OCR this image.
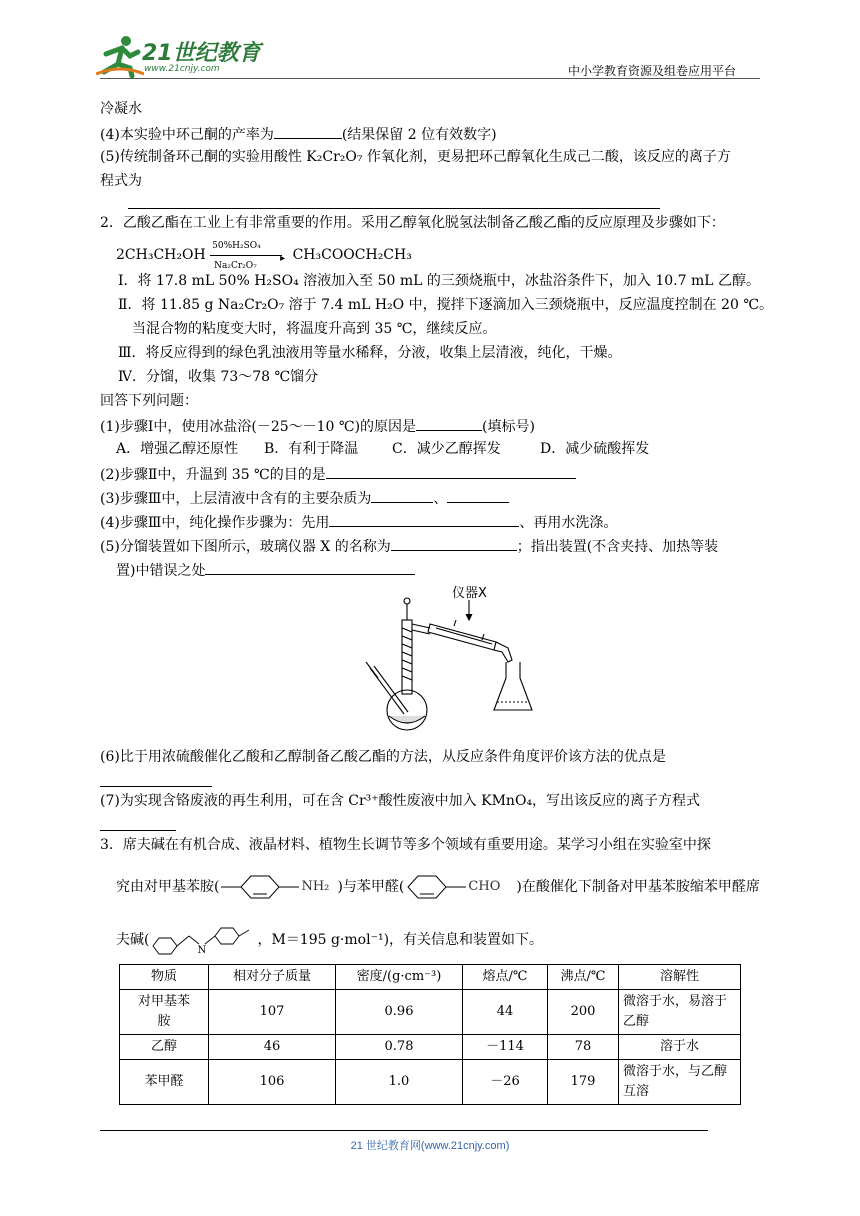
21世纪教育
www.21cnjy.com	中小学教育资源及组卷应用平台
冷凝水
(4)本实验中环己酮的产率为	(结果保留 2 位有效数字)
(5)传统制备环己酮的实验用酸性 K₂Cr₂O₇ 作氧化剂，更易把环己醇氧化生成己二酸，该反应的离子方
程式为
2．乙酸乙酯在工业上有非常重要的作用。采用乙醇氧化脱氢法制备乙酸乙酯的反应原理及步骤如下：
2CH₃CH₂OH
50%H₂SO₄
▸
Na₂Cr₂O₇
CH₃COOCH₂CH₃
Ⅰ．将 17.8 mL 50% H₂SO₄ 溶液加入至 50 mL 的三颈烧瓶中，冰盐浴条件下，加入 10.7 mL 乙醇。
Ⅱ．将 11.85 g Na₂Cr₂O₇ 溶于 7.4 mL H₂O 中，搅拌下逐滴加入三颈烧瓶中，反应温度控制在 20 ℃。
当混合物的粘度变大时，将温度升高到 35 ℃，继续反应。
Ⅲ．将反应得到的绿色乳浊液用等量水稀释，分液，收集上层清液，纯化，干燥。
Ⅳ．分馏，收集 73～78 ℃馏分
回答下列问题：
(1)步骤Ⅰ中，使用冰盐浴(－25～－10 ℃)的原因是	(填标号)
A．增强乙醇还原性 B．有利于降温 C．减少乙醇挥发	D．减少硫酸挥发
(2)步骤Ⅱ中，升温到 35 ℃的目的是
(3)步骤Ⅲ中，上层清液中含有的主要杂质为	、
(4)步骤Ⅲ中，纯化操作步骤为：先用	、再用水洗涤。
(5)分馏装置如下图所示，玻璃仪器 X 的名称为	；指出装置(不含夹持、加热等装
置)中错误之处
仪器X
(6)比于用浓硫酸催化乙酸和乙醇制备乙酸乙酯的方法，从反应条件角度评价该方法的优点是
(7)为实现含铬废液的再生利用，可在含 Cr³⁺酸性废液中加入 KMnO₄，写出该反应的离子方程式
3．席夫碱在有机合成、液晶材料、植物生长调节等多个领域有重要用途。某学习小组在实验室中探
究由对甲基苯胺(	NH₂ )与苯甲醛(	CHO )在酸催化下制备对甲基苯胺缩苯甲醛席
夫碱(
N
，M＝195 g·mol⁻¹)，有关信息和装置如下。
物质	相对分子质量	密度/(g·cm⁻³)	熔点/℃	沸点/℃	溶解性
对甲基苯胺	107	0.96	44	200	微溶于水，易溶于乙醇
乙醇	46	0.78	－114	78	溶于水
苯甲醛	106	1.0	－26	179	微溶于水，与乙醇互溶
21 世纪教育网(www.21cnjy.com)
